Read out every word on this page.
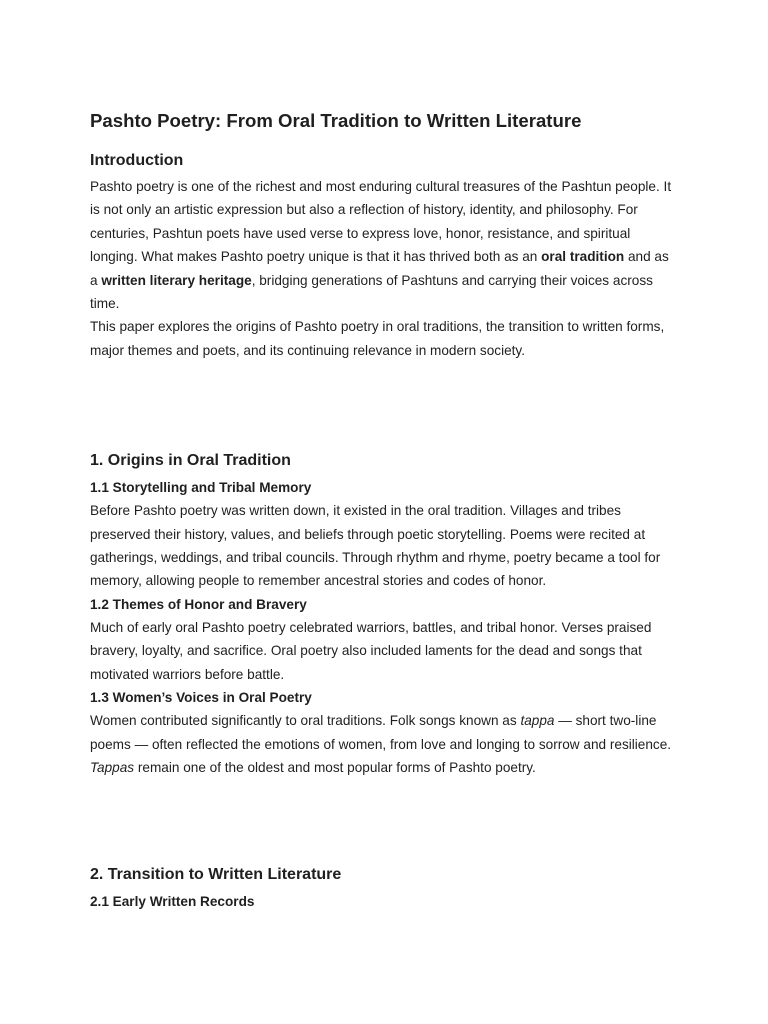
Pashto Poetry: From Oral Tradition to Written Literature
Introduction

Pashto poetry is one of the richest and most enduring cultural treasures of the Pashtun people. It is not only an artistic expression but also a reflection of history, identity, and philosophy. For centuries, Pashtun poets have used verse to express love, honor, resistance, and spiritual longing. What makes Pashto poetry unique is that it has thrived both as an oral tradition and as a written literary heritage, bridging generations of Pashtuns and carrying their voices across time.

This paper explores the origins of Pashto poetry in oral traditions, the transition to written forms, major themes and poets, and its continuing relevance in modern society.

1. Origins in Oral Tradition
1.1 Storytelling and Tribal Memory

Before Pashto poetry was written down, it existed in the oral tradition. Villages and tribes preserved their history, values, and beliefs through poetic storytelling. Poems were recited at gatherings, weddings, and tribal councils. Through rhythm and rhyme, poetry became a tool for memory, allowing people to remember ancestral stories and codes of honor.

1.2 Themes of Honor and Bravery

Much of early oral Pashto poetry celebrated warriors, battles, and tribal honor. Verses praised bravery, loyalty, and sacrifice. Oral poetry also included laments for the dead and songs that motivated warriors before battle.

1.3 Women’s Voices in Oral Poetry

Women contributed significantly to oral traditions. Folk songs known as tappa — short two-line poems — often reflected the emotions of women, from love and longing to sorrow and resilience. Tappas remain one of the oldest and most popular forms of Pashto poetry.

2. Transition to Written Literature
2.1 Early Written Records
